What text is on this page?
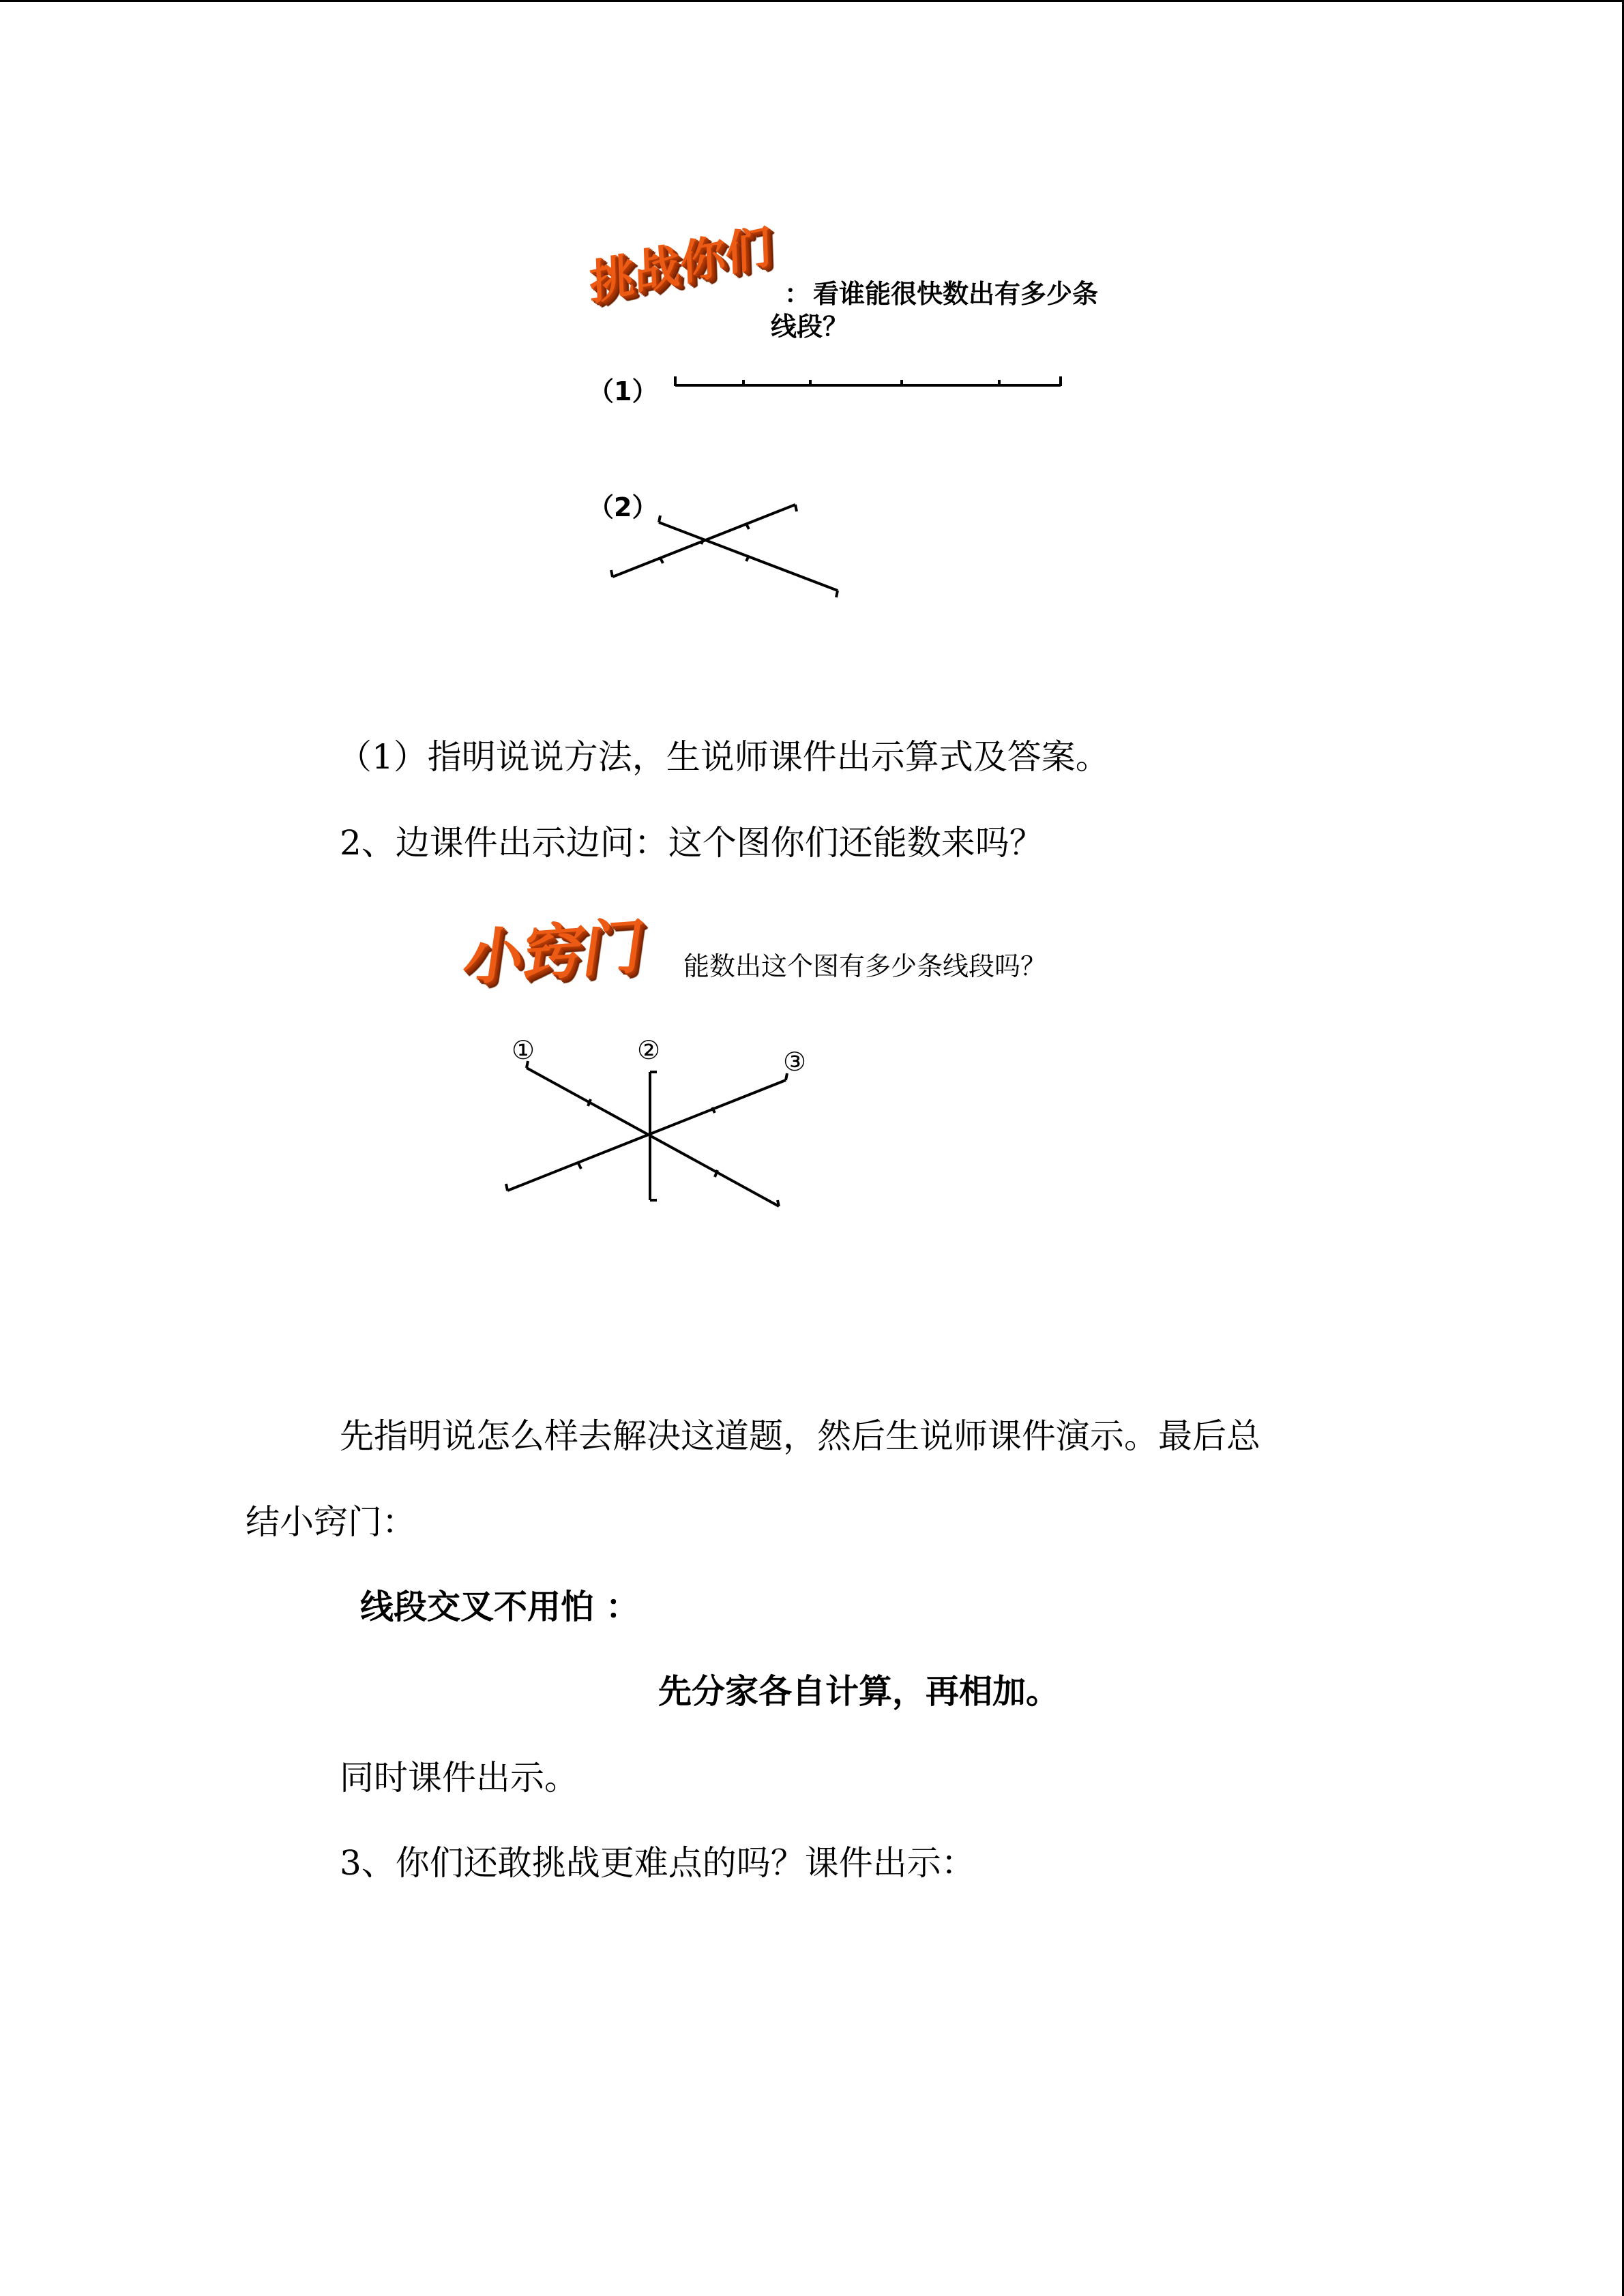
挑战你们 ： 看谁能很快数出有多少条
线段？
（1）
（2）
（1）指明说说方法，生说师课件出示算式及答案。
2、边课件出示边问：这个图你们还能数来吗？
小窍门 能数出这个图有多少条线段吗？
①	②	③
先指明说怎么样去解决这道题，然后生说师课件演示。最后总
结小窍门：
线段交叉不用怕 ：
先分家各自计算，再相加。
同时课件出示。
3、你们还敢挑战更难点的吗？课件出示：
